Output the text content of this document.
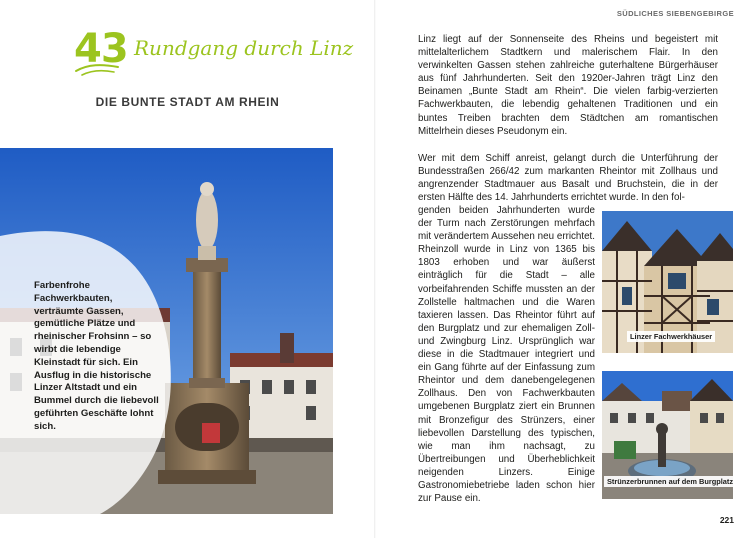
43 Rundgang durch Linz
DIE BUNTE STADT AM RHEIN
Farbenfrohe Fachwerkbauten, verträumte Gassen, gemütliche Plätze und rheinischer Frohsinn – so wirbt die lebendige Kleinstadt für sich. Ein Ausflug in die historische Linzer Altstadt und ein Bummel durch die liebevoll geführten Geschäfte lohnt sich.
SÜDLICHES SIEBENGEBIRGE

Linz liegt auf der Sonnenseite des Rheins und begeistert mit mittelalterlichem Stadtkern und malerischem Flair. In den verwinkelten Gassen stehen zahlreiche guterhaltene Bürgerhäuser aus fünf Jahrhunderten. Seit den 1920er-Jahren trägt Linz den Beinamen „Bunte Stadt am Rhein“. Die vielen farbig-verzierten Fachwerkbauten, die lebendig gehaltenen Traditionen und ein buntes Treiben brachten dem Städtchen am romantischen Mittelrhein dieses Pseudonym ein.

Wer mit dem Schiff anreist, gelangt durch die Unterführung der Bundesstraßen 266/42 zum markanten Rheintor mit Zollhaus und angrenzender Stadtmauer aus Basalt und Bruchstein, die in der ersten Hälfte des 14. Jahrhunderts errichtet wurde. In den fol-

genden beiden Jahrhunderten wurde der Turm nach Zerstörungen mehrfach mit verändertem Aussehen neu errichtet. Rheinzoll wurde in Linz von 1365 bis 1803 erhoben und war äußerst einträglich für die Stadt – alle vorbeifahrenden Schiffe mussten an der Zollstelle haltmachen und die Waren taxieren lassen. Das Rheintor führt auf den Burgplatz und zur ehemaligen Zoll- und Zwingburg Linz. Ursprünglich war diese in die Stadtmauer integriert und ein Gang führte auf der Einfassung zum Rheintor und dem danebengelegenen Zollhaus. Den von Fachwerkbauten umgebenen Burgplatz ziert ein Brunnen mit Bronzefigur des Strünzers, einer liebevollen Darstellung des typischen, wie man ihm nachsagt, zu Übertreibungen und Überheblichkeit neigenden Linzers. Einige Gastronomiebetriebe laden schon hier zur Pause ein.

Linzer Fachwerkhäuser
Strünzerbrunnen auf dem Burgplatz
221
